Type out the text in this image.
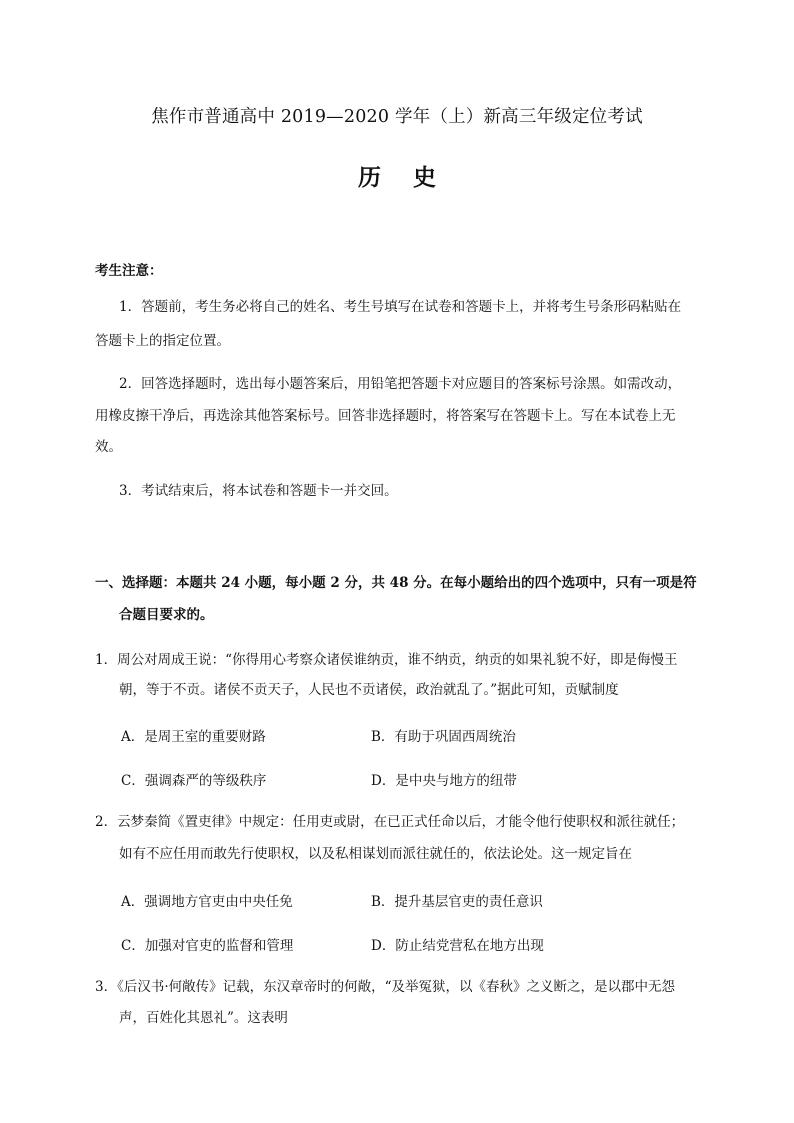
焦作市普通高中 2019—2020 学年（上）新高三年级定位考试
历    史
考生注意：
1．答题前，考生务必将自己的姓名、考生号填写在试卷和答题卡上，并将考生号条形码粘贴在
答题卡上的指定位置。
2．回答选择题时，选出每小题答案后，用铅笔把答题卡对应题目的答案标号涂黑。如需改动，
用橡皮擦干净后，再选涂其他答案标号。回答非选择题时，将答案写在答题卡上。写在本试卷上无
效。
3．考试结束后，将本试卷和答题卡一并交回。
一、选择题：本题共 24 小题，每小题 2 分，共 48 分。在每小题给出的四个选项中，只有一项是符
合题目要求的。
1．周公对周成王说：“你得用心考察众诸侯谁纳贡，谁不纳贡，纳贡的如果礼貌不好，即是侮慢王
朝，等于不贡。诸侯不贡天子，人民也不贡诸侯，政治就乱了。”据此可知，贡赋制度
A．是周王室的重要财路	B．有助于巩固西周统治
C．强调森严的等级秩序	D．是中央与地方的纽带
2．云梦秦简《置吏律》中规定：任用吏或尉，在已正式任命以后，才能令他行使职权和派往就任；
如有不应任用而敢先行使职权，以及私相谋划而派往就任的，依法论处。这一规定旨在
A．强调地方官吏由中央任免	B．提升基层官吏的责任意识
C．加强对官吏的监督和管理	D．防止结党营私在地方出现
3．《后汉书·何敞传》记载，东汉章帝时的何敞，“及举冤狱，以《春秋》之义断之，是以郡中无怨
声，百姓化其恩礼”。这表明
